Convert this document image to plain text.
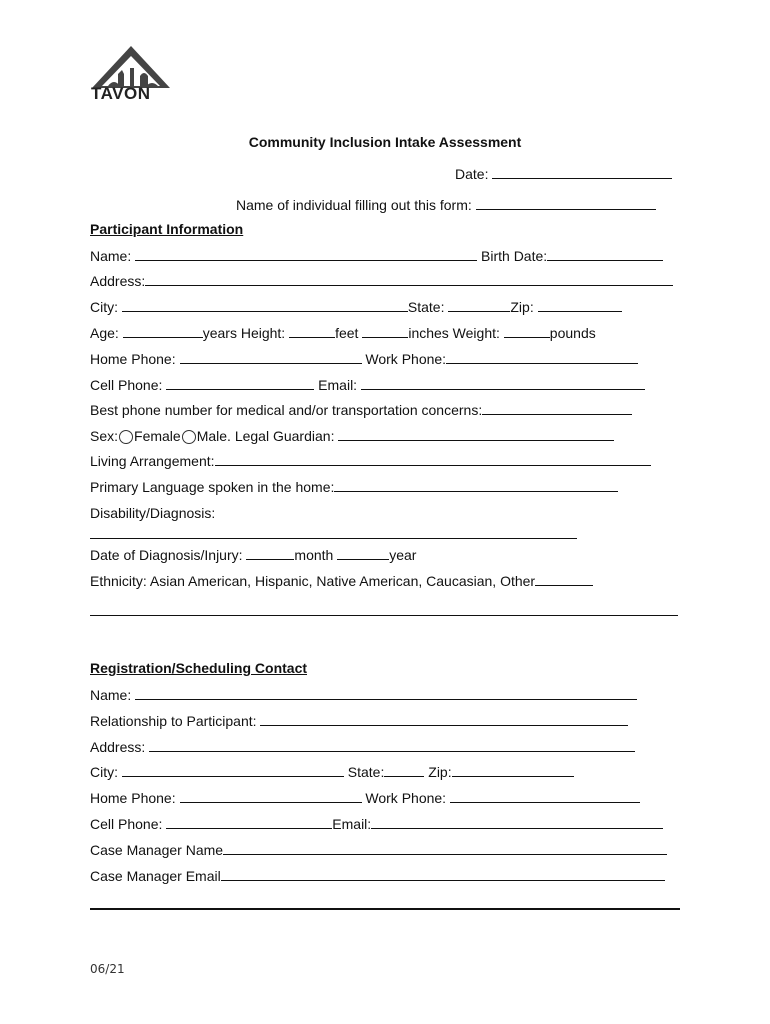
TAVON
Community Inclusion Intake Assessment
Date:
Name of individual filling out this form:
Participant Information
Name:	Birth Date:
Address:
City:	State:	Zip:
Age:	years Height:	feet	inches Weight:	pounds
Home Phone:	Work Phone:
Cell Phone:	Email:
Best phone number for medical and/or transportation concerns:
Sex: Female Male. Legal Guardian:
Living Arrangement:
Primary Language spoken in the home:
Disability/Diagnosis:
Date of Diagnosis/Injury:	month	year
Ethnicity: Asian American, Hispanic, Native American, Caucasian, Other
Registration/Scheduling Contact
Name:
Relationship to Participant:
Address:
City:	State:	Zip:
Home Phone:	Work Phone:
Cell Phone:	Email:
Case Manager Name
Case Manager Email
06/21
